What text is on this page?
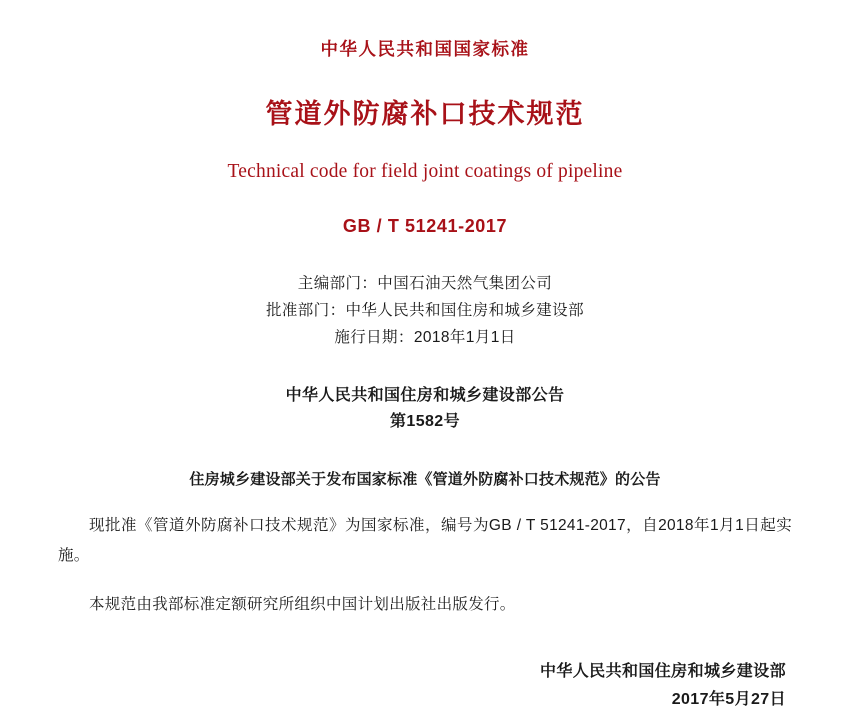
中华人民共和国国家标准
管道外防腐补口技术规范
Technical code for field joint coatings of pipeline
GB / T 51241-2017

主编部门：中国石油天然气集团公司

批准部门：中华人民共和国住房和城乡建设部

施行日期：2018年1月1日

中华人民共和国住房和城乡建设部公告
第1582号
住房城乡建设部关于发布国家标准《管道外防腐补口技术规范》的公告

现批准《管道外防腐补口技术规范》为国家标准，编号为GB / T 51241-2017，自2018年1月1日起实施。

本规范由我部标准定额研究所组织中国计划出版社出版发行。

中华人民共和国住房和城乡建设部

2017年5月27日
